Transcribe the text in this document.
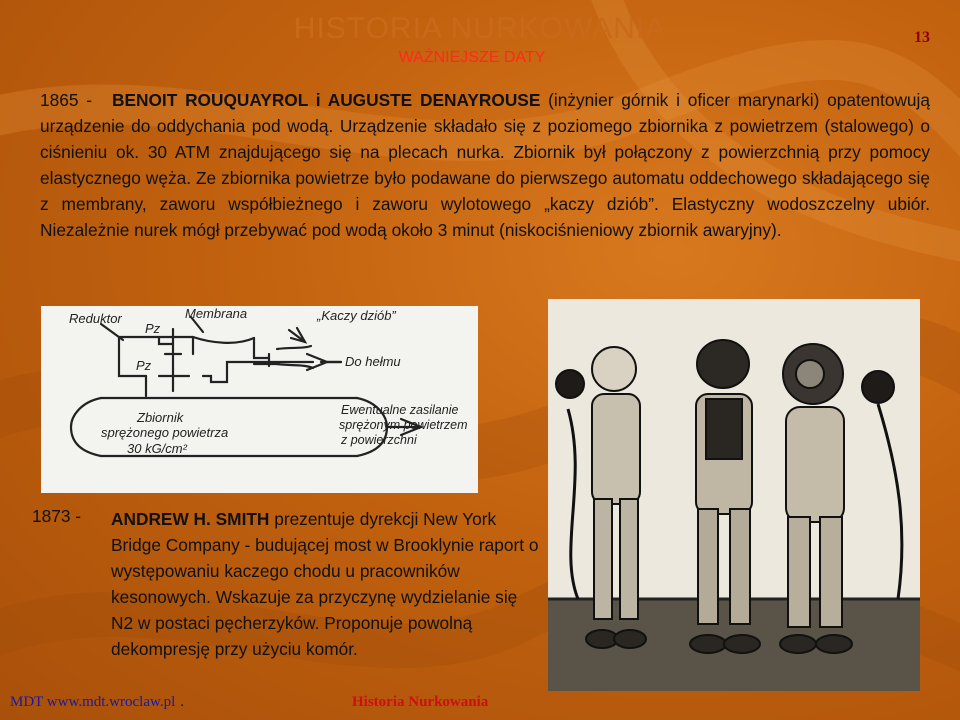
HISTORIA NURKOWANIA
WAŻNIEJSZE DATY
13
1865 - BENOIT ROUQUAYROL i AUGUSTE DENAYROUSE (inżynier górnik i oficer marynarki) opatentowują urządzenie do oddychania pod wodą. Urządzenie składało się z poziomego zbiornika z powietrzem (stalowego) o ciśnieniu ok. 30 ATM znajdującego się na plecach nurka. Zbiornik był połączony z powierzchnią przy pomocy elastycznego węża. Ze zbiornika powietrze było podawane do pierwszego automatu oddechowego składającego się z membrany, zaworu współbieżnego i zaworu wylotowego „kaczy dziób”. Elastyczny wodoszczelny ubiór. Niezależnie nurek mógł przebywać pod wodą około 3 minut (niskociśnieniowy zbiornik awaryjny).
Reduktor
Pz
Pz
Membrana	„Kaczy dziób”
Do hełmu
Zbiornik
sprężonego powietrza
30 kG/cm²
Ewentualne zasilanie
sprężonym powietrzem
z powierzchni
1873 - ANDREW H. SMITH prezentuje dyrekcji New York Bridge Company - budującej most w Brooklynie raport o występowaniu kaczego chodu u pracowników kesonowych. Wskazuje za przyczynę wydzielanie się N2 w postaci pęcherzyków. Proponuje powolną dekompresję przy użyciu komór.
MDT www.mdt.wroclaw.pl .	Historia Nurkowania
